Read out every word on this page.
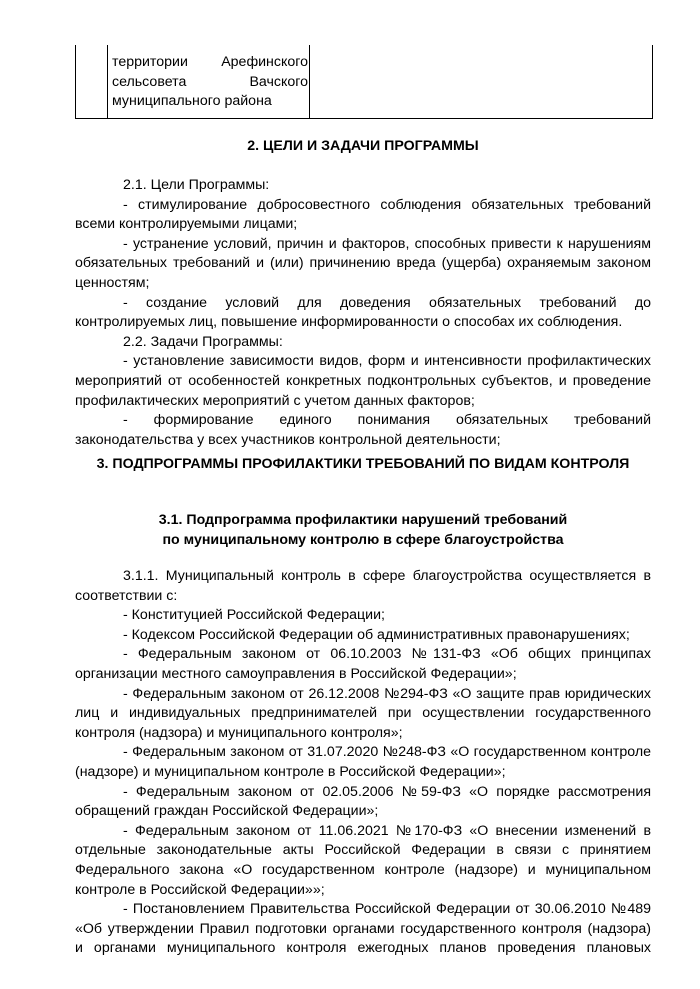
территории Арефинского
сельсовета Вачского
муниципального района
2. ЦЕЛИ И ЗАДАЧИ ПРОГРАММЫ
2.1. Цели Программы:
- стимулирование добросовестного соблюдения обязательных требований
всеми контролируемыми лицами;
- устранение условий, причин и факторов, способных привести к нарушениям
обязательных требований и (или) причинению вреда (ущерба) охраняемым законом
ценностям;
- создание условий для доведения обязательных требований до
контролируемых лиц, повышение информированности о способах их соблюдения.
2.2. Задачи Программы:
- установление зависимости видов, форм и интенсивности профилактических
мероприятий от особенностей конкретных подконтрольных субъектов, и проведение
профилактических мероприятий с учетом данных факторов;
- формирование единого понимания обязательных требований
законодательства у всех участников контрольной деятельности;
3. ПОДПРОГРАММЫ ПРОФИЛАКТИКИ ТРЕБОВАНИЙ ПО ВИДАМ КОНТРОЛЯ
3.1. Подпрограмма профилактики нарушений требований
по муниципальному контролю в сфере благоустройства
3.1.1. Муниципальный контроль в сфере благоустройства осуществляется в
соответствии с:
- Конституцией Российской Федерации;
- Кодексом Российской Федерации об административных правонарушениях;
- Федеральным законом от 06.10.2003 №131-ФЗ «Об общих принципах
организации местного самоуправления в Российской Федерации»;
- Федеральным законом от 26.12.2008 №294-ФЗ «О защите прав юридических
лиц и индивидуальных предпринимателей при осуществлении государственного
контроля (надзора) и муниципального контроля»;
- Федеральным законом от 31.07.2020 №248-ФЗ «О государственном контроле
(надзоре) и муниципальном контроле в Российской Федерации»;
- Федеральным законом от 02.05.2006 №59-ФЗ «О порядке рассмотрения
обращений граждан Российской Федерации»;
- Федеральным законом от 11.06.2021 №170-ФЗ «О внесении изменений в
отдельные законодательные акты Российской Федерации в связи с принятием
Федерального закона «О государственном контроле (надзоре) и муниципальном
контроле в Российской Федерации»»;
- Постановлением Правительства Российской Федерации от 30.06.2010 №489
«Об утверждении Правил подготовки органами государственного контроля (надзора)
и органами муниципального контроля ежегодных планов проведения плановых
